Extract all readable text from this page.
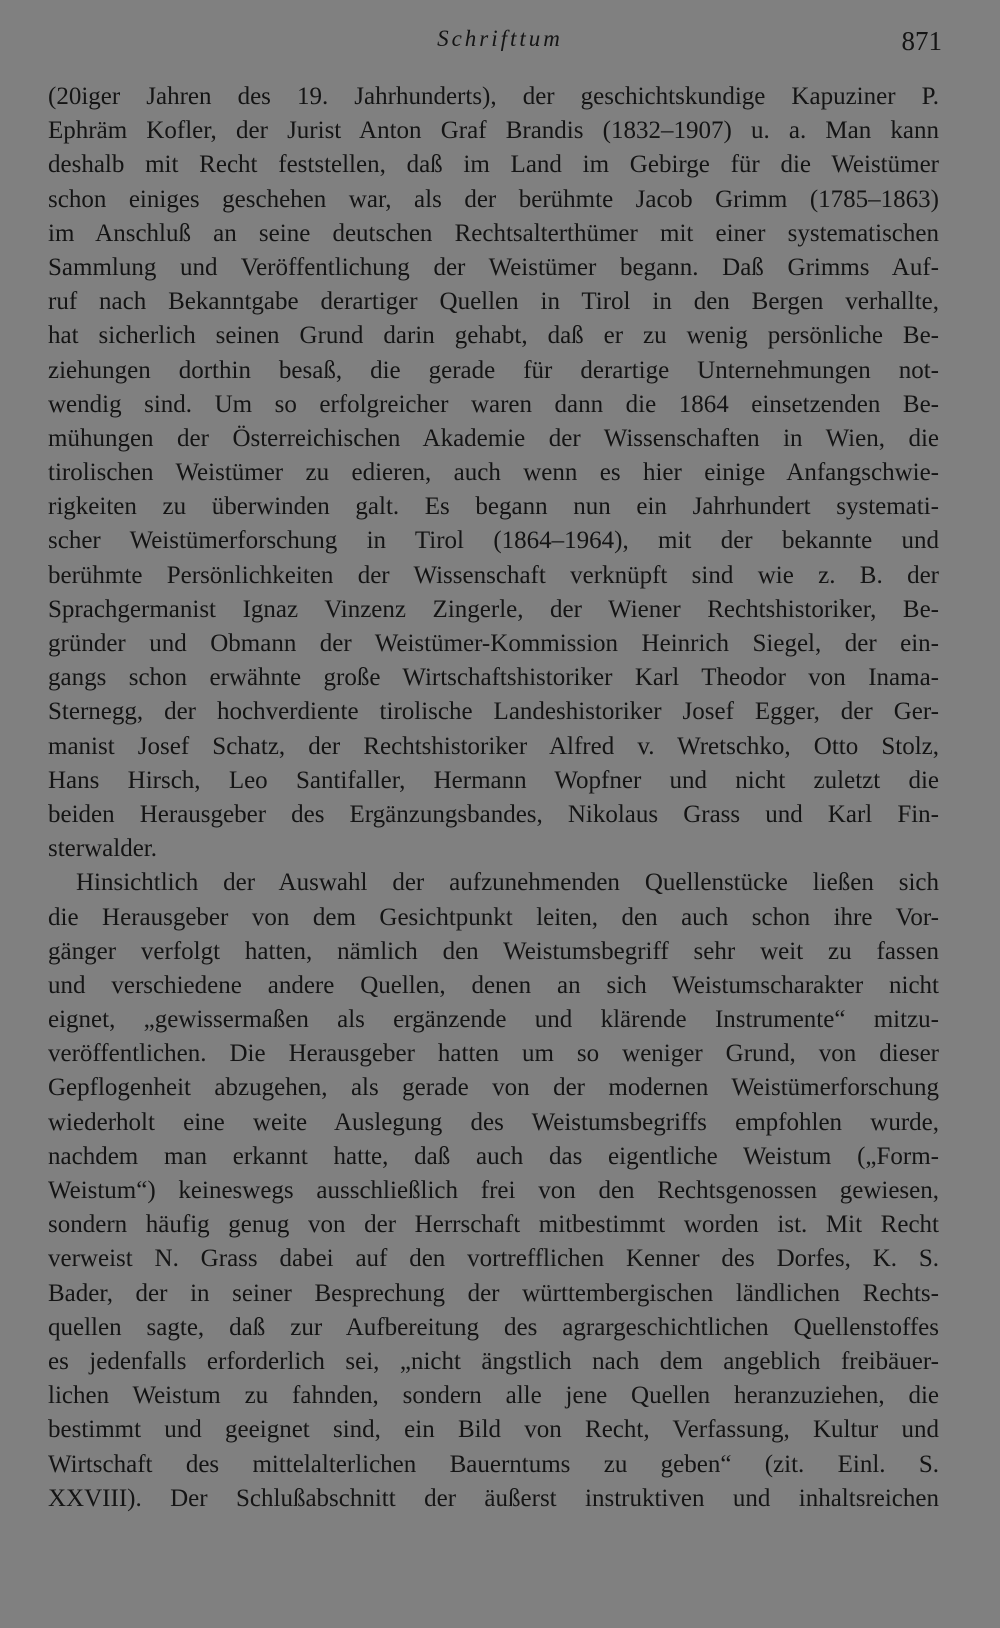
Schrifttum	871
(20iger Jahren des 19. Jahrhunderts), der geschichtskundige Kapuziner P.
Ephräm Kofler, der Jurist Anton Graf Brandis (1832–1907) u. a. Man kann
deshalb mit Recht feststellen, daß im Land im Gebirge für die Weistümer
schon einiges geschehen war, als der berühmte Jacob Grimm (1785–1863)
im Anschluß an seine deutschen Rechtsalterthümer mit einer systematischen
Sammlung und Veröffentlichung der Weistümer begann. Daß Grimms Auf-
ruf nach Bekanntgabe derartiger Quellen in Tirol in den Bergen verhallte,
hat sicherlich seinen Grund darin gehabt, daß er zu wenig persönliche Be-
ziehungen dorthin besaß, die gerade für derartige Unternehmungen not-
wendig sind. Um so erfolgreicher waren dann die 1864 einsetzenden Be-
mühungen der Österreichischen Akademie der Wissenschaften in Wien, die
tirolischen Weistümer zu edieren, auch wenn es hier einige Anfangschwie-
rigkeiten zu überwinden galt. Es begann nun ein Jahrhundert systemati-
scher Weistümerforschung in Tirol (1864–1964), mit der bekannte und
berühmte Persönlichkeiten der Wissenschaft verknüpft sind wie z. B. der
Sprachgermanist Ignaz Vinzenz Zingerle, der Wiener Rechtshistoriker, Be-
gründer und Obmann der Weistümer-Kommission Heinrich Siegel, der ein-
gangs schon erwähnte große Wirtschaftshistoriker Karl Theodor von Inama-
Sternegg, der hochverdiente tirolische Landeshistoriker Josef Egger, der Ger-
manist Josef Schatz, der Rechtshistoriker Alfred v. Wretschko, Otto Stolz,
Hans Hirsch, Leo Santifaller, Hermann Wopfner und nicht zuletzt die
beiden Herausgeber des Ergänzungsbandes, Nikolaus Grass und Karl Fin-
sterwalder.
Hinsichtlich der Auswahl der aufzunehmenden Quellenstücke ließen sich
die Herausgeber von dem Gesichtpunkt leiten, den auch schon ihre Vor-
gänger verfolgt hatten, nämlich den Weistumsbegriff sehr weit zu fassen
und verschiedene andere Quellen, denen an sich Weistumscharakter nicht
eignet, „gewissermaßen als ergänzende und klärende Instrumente“ mitzu-
veröffentlichen. Die Herausgeber hatten um so weniger Grund, von dieser
Gepflogenheit abzugehen, als gerade von der modernen Weistümerforschung
wiederholt eine weite Auslegung des Weistumsbegriffs empfohlen wurde,
nachdem man erkannt hatte, daß auch das eigentliche Weistum („Form-
Weistum“) keineswegs ausschließlich frei von den Rechtsgenossen gewiesen,
sondern häufig genug von der Herrschaft mitbestimmt worden ist. Mit Recht
verweist N. Grass dabei auf den vortrefflichen Kenner des Dorfes, K. S.
Bader, der in seiner Besprechung der württembergischen ländlichen Rechts-
quellen sagte, daß zur Aufbereitung des agrargeschichtlichen Quellenstoffes
es jedenfalls erforderlich sei, „nicht ängstlich nach dem angeblich freibäuer-
lichen Weistum zu fahnden, sondern alle jene Quellen heranzuziehen, die
bestimmt und geeignet sind, ein Bild von Recht, Verfassung, Kultur und
Wirtschaft des mittelalterlichen Bauerntums zu geben“ (zit. Einl. S.
XXVIII). Der Schlußabschnitt der äußerst instruktiven und inhaltsreichen
